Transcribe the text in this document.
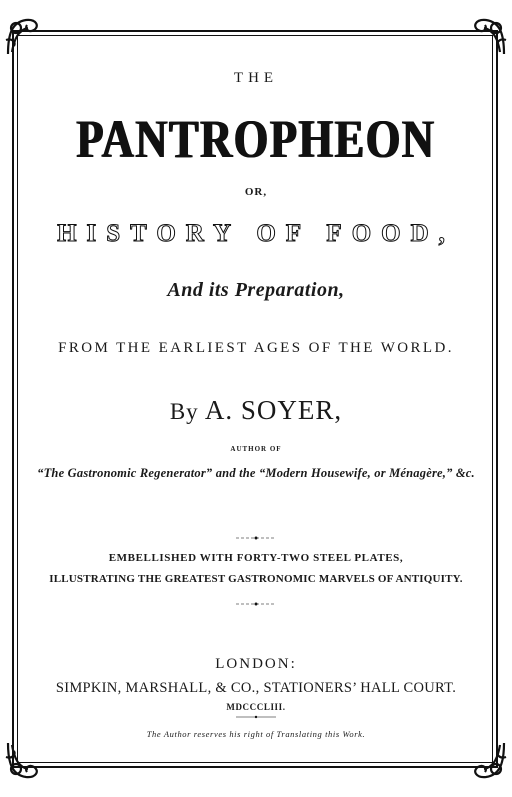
THE
PANTROPHEON
OR,
HISTORY OF FOOD,
And its Preparation,
FROM THE EARLIEST AGES OF THE WORLD.
By A. SOYER,
AUTHOR OF
“The Gastronomic Regenerator” and the “Modern Housewife, or Ménagère,” &c.
EMBELLISHED WITH FORTY-TWO STEEL PLATES,
ILLUSTRATING THE GREATEST GASTRONOMIC MARVELS OF ANTIQUITY.
LONDON:
SIMPKIN, MARSHALL, & CO., STATIONERS’ HALL COURT.
MDCCCLIII.
The Author reserves his right of Translating this Work.
